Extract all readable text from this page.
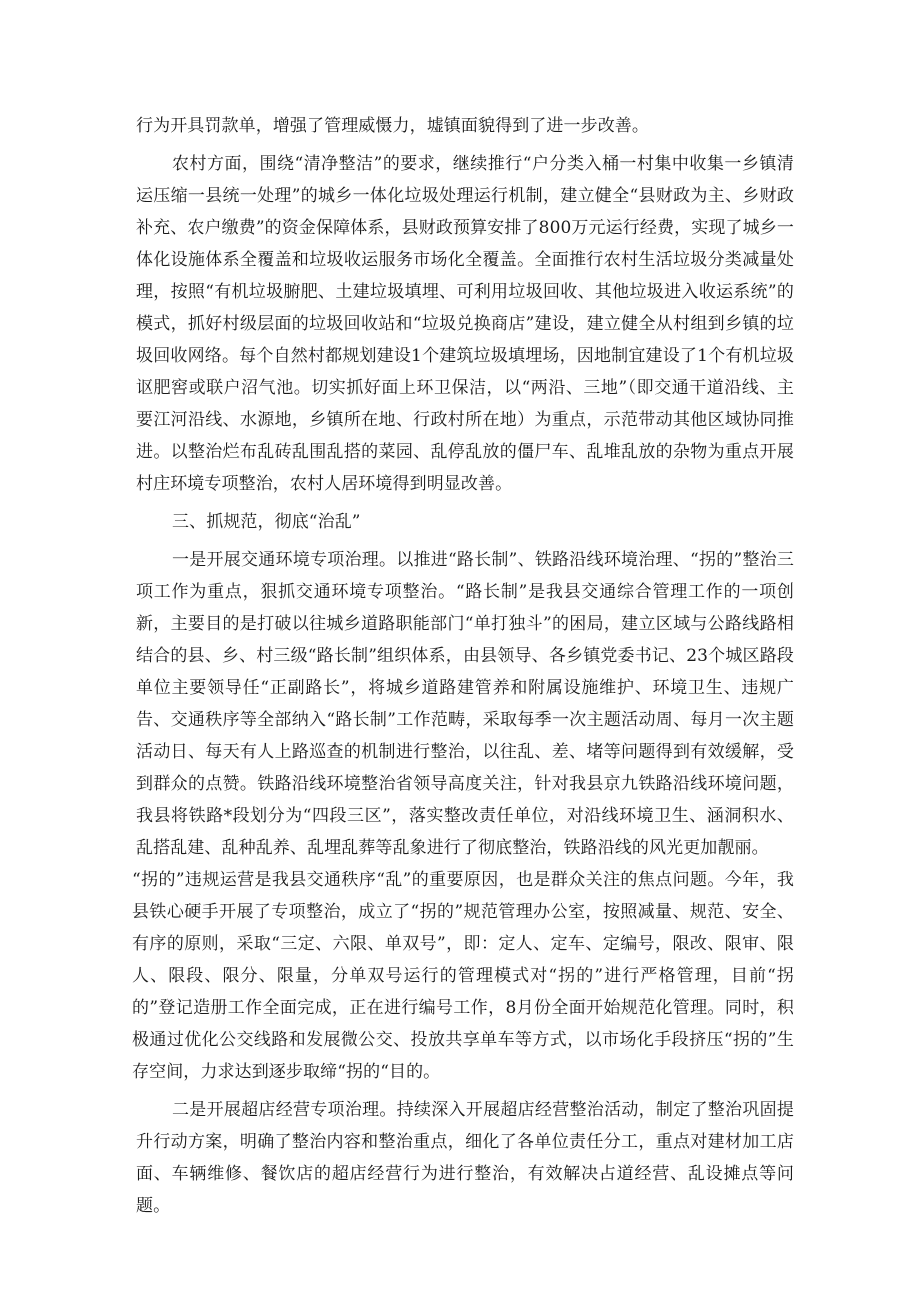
行为开具罚款单，增强了管理威慑力，墟镇面貌得到了进一步改善。

农村方面，围绕“清净整洁”的要求，继续推行“户分类入桶一村集中收集一乡镇清运压缩一县统一处理”的城乡一体化垃圾处理运行机制，建立健全“县财政为主、乡财政补充、农户缴费”的资金保障体系，县财政预算安排了800万元运行经费，实现了城乡一体化设施体系全覆盖和垃圾收运服务市场化全覆盖。全面推行农村生活垃圾分类减量处理，按照“有机垃圾腑肥、土建垃圾填埋、可利用垃圾回收、其他垃圾进入收运系统”的模式，抓好村级层面的垃圾回收站和“垃圾兑换商店”建设，建立健全从村组到乡镇的垃圾回收网络。每个自然村都规划建设1个建筑垃圾填埋场，因地制宜建设了1个有机垃圾讴肥窖或联户沼气池。切实抓好面上环卫保洁，以“两沿、三地”（即交通干道沿线、主要江河沿线、水源地，乡镇所在地、行政村所在地）为重点，示范带动其他区域协同推进。以整治烂布乱砖乱围乱搭的菜园、乱停乱放的僵尸车、乱堆乱放的杂物为重点开展村庄环境专项整治，农村人居环境得到明显改善。

三、抓规范，彻底“治乱”

一是开展交通环境专项治理。以推进“路长制”、铁路沿线环境治理、“拐的”整治三项工作为重点，狠抓交通环境专项整治。“路长制”是我县交通综合管理工作的一项创新，主要目的是打破以往城乡道路职能部门“单打独斗”的困局，建立区域与公路线路相结合的县、乡、村三级“路长制”组织体系，由县领导、各乡镇党委书记、23个城区路段单位主要领导任“正副路长”，将城乡道路建管养和附属设施维护、环境卫生、违规广告、交通秩序等全部纳入“路长制”工作范畴，采取每季一次主题活动周、每月一次主题活动日、每天有人上路巡查的机制进行整治，以往乱、差、堵等问题得到有效缓解，受到群众的点赞。铁路沿线环境整治省领导高度关注，针对我县京九铁路沿线环境问题，我县将铁路*段划分为“四段三区”，落实整改责任单位，对沿线环境卫生、涵洞积水、乱搭乱建、乱种乱养、乱埋乱葬等乱象进行了彻底整治，铁路沿线的风光更加靓丽。

“拐的”违规运营是我县交通秩序“乱”的重要原因，也是群众关注的焦点问题。今年，我县铁心硬手开展了专项整治，成立了“拐的”规范管理办公室，按照减量、规范、安全、有序的原则，采取“三定、六限、单双号”，即：定人、定车、定编号，限改、限审、限人、限段、限分、限量，分单双号运行的管理模式对“拐的”进行严格管理，目前“拐的”登记造册工作全面完成，正在进行编号工作，8月份全面开始规范化管理。同时，积极通过优化公交线路和发展微公交、投放共享单车等方式，以市场化手段挤压“拐的”生存空间，力求达到逐步取缔“拐的“目的。

二是开展超店经营专项治理。持续深入开展超店经营整治活动，制定了整治巩固提升行动方案，明确了整治内容和整治重点，细化了各单位责任分工，重点对建材加工店面、车辆维修、餐饮店的超店经营行为进行整治，有效解决占道经营、乱设摊点等问题。
